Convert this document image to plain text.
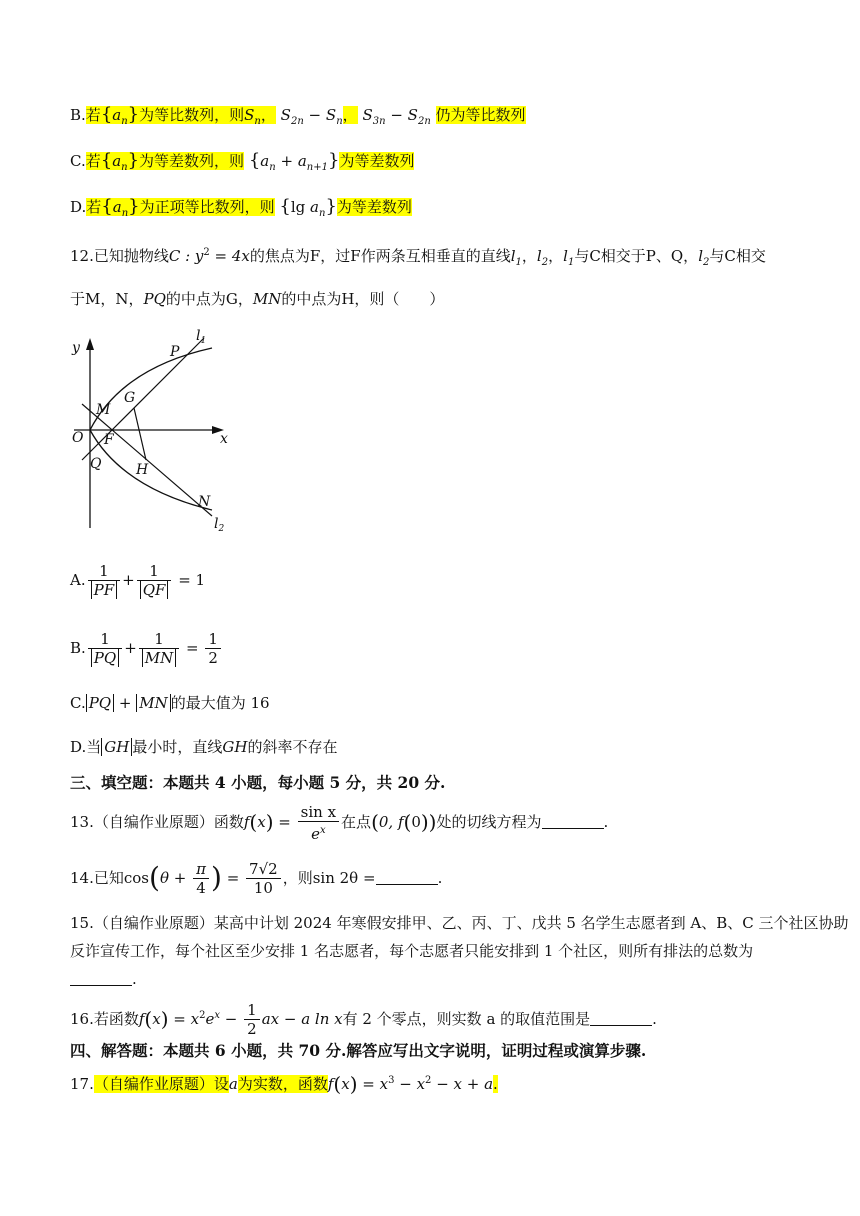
B.若$\{a_n\}$为等比数列，则$S_n$， $S_{2n} - S_n$， $S_{3n} - S_{2n}$ 仍为等比数列
C.若$\{a_n\}$为等差数列，则 $\{a_n + a_{n+1}\}$为等差数列
D.若$\{a_n\}$为正项等比数列，则 {lg $a_n$}为等差数列
12.已知抛物线C : $y^2 = 4x$的焦点为F，过F作两条互相垂直的直线$l_1$，$l_2$，$l_1$与C相交于P、Q，$l_2$与C相交
于M，N，PQ的中点为G，MN的中点为H，则（　　）
y
x
O
M
F
Q
G
H
P
N
$l_1$
$l_2$
A. $\frac{1}{PF} + \frac{1}{QF} = 1$
B. $\frac{1}{PQ} + \frac{1}{MN} = \frac{1}{2}$
C. PQ + MN 的最大值为 16
D.当 GH 最小时，直线GH的斜率不存在
三、填空题：本题共 4 小题，每小题 5 分，共 20 分.
13.（自编作业原题）函数$f(x) = \frac{\text{sin x}}{e^x}$ 在点(0, f(0))处的切线方程为	.
14.已知$\cos(\theta + \frac{\pi}{4}$ ) = $\frac{7√2}{10}$ ，则sin 2θ =	.
15.（自编作业原题）某高中计划 2024 年寒假安排甲、乙、丙、丁、戊共 5 名学生志愿者到 A、B、C 三个社区协助
反诈宣传工作，每个社区至少安排 1 名志愿者，每个志愿者只能安排到 1 个社区，则所有排法的总数为
.
16.若函数$f(x) = x^2e^x - \frac{1}{2}$ ax − a ln x有 2 个零点，则实数 a 的取值范围是	.
四、解答题：本题共 6 小题，共 70 分.解答应写出文字说明，证明过程或演算步骤.
17.（自编作业原题）设a为实数，函数$f(x) = x^3 - x^2 - x + a$.
